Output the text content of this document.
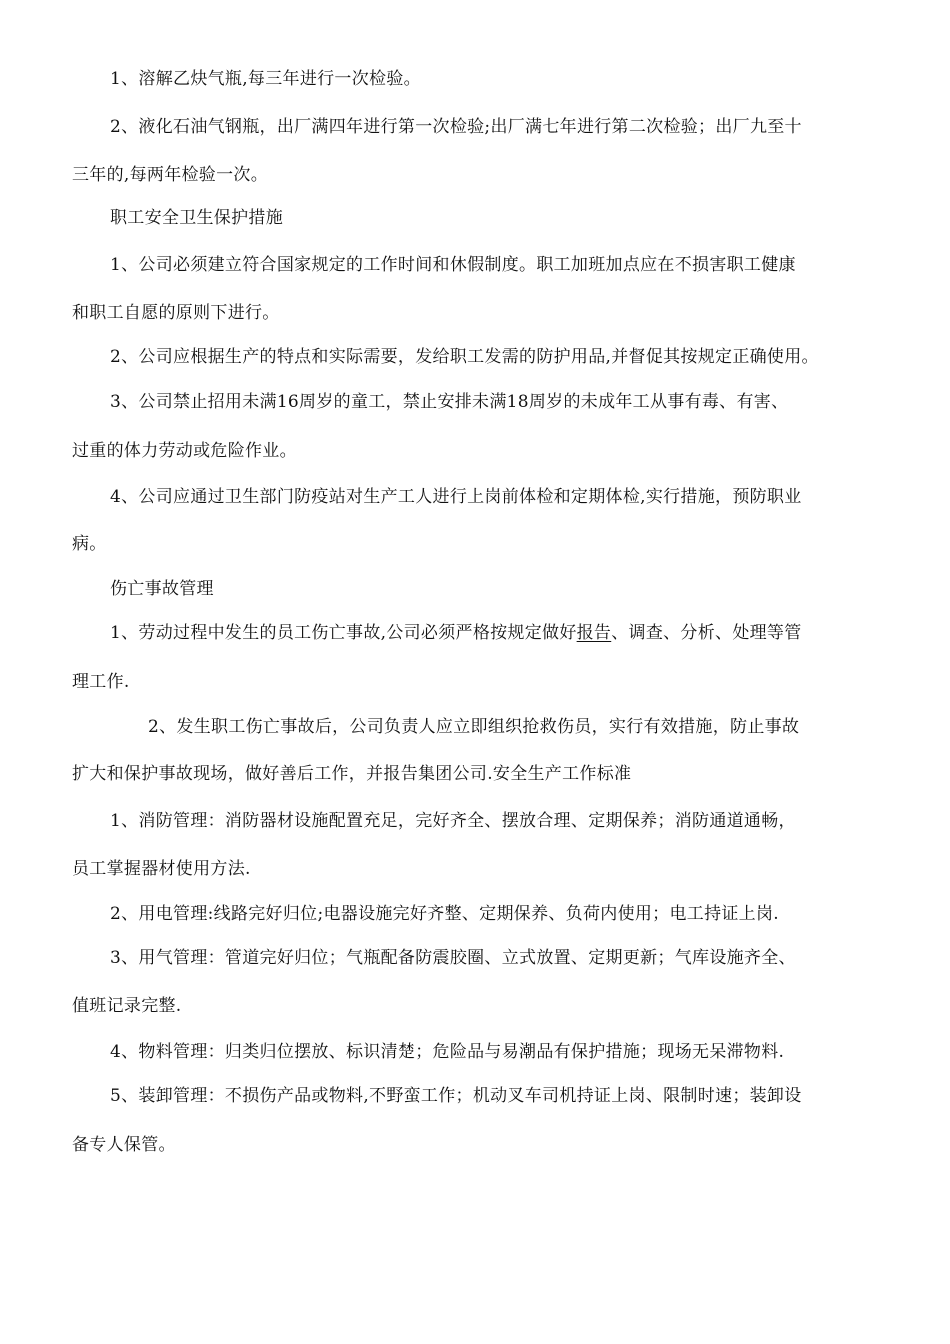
1、溶解乙炔气瓶,每三年进行一次检验。
2、液化石油气钢瓶，出厂满四年进行第一次检验;出厂满七年进行第二次检验；出厂九至十
三年的,每两年检验一次。
职工安全卫生保护措施
1、公司必须建立符合国家规定的工作时间和休假制度。职工加班加点应在不损害职工健康
和职工自愿的原则下进行。
2、公司应根据生产的特点和实际需要，发给职工发需的防护用品,并督促其按规定正确使用。
3、公司禁止招用未满16周岁的童工，禁止安排未满18周岁的未成年工从事有毒、有害、
过重的体力劳动或危险作业。
4、公司应通过卫生部门防疫站对生产工人进行上岗前体检和定期体检,实行措施，预防职业
病。
伤亡事故管理
1、劳动过程中发生的员工伤亡事故,公司必须严格按规定做好报告、调查、分析、处理等管
理工作.
2、发生职工伤亡事故后，公司负责人应立即组织抢救伤员，实行有效措施，防止事故
扩大和保护事故现场，做好善后工作，并报告集团公司.安全生产工作标准
1、消防管理：消防器材设施配置充足，完好齐全、摆放合理、定期保养；消防通道通畅，
员工掌握器材使用方法.
2、用电管理:线路完好归位;电器设施完好齐整、定期保养、负荷内使用；电工持证上岗.
3、用气管理：管道完好归位；气瓶配备防震胶圈、立式放置、定期更新；气库设施齐全、
值班记录完整.
4、物料管理：归类归位摆放、标识清楚；危险品与易潮品有保护措施；现场无呆滞物料.
5、装卸管理：不损伤产品或物料,不野蛮工作；机动叉车司机持证上岗、限制时速；装卸设
备专人保管。
